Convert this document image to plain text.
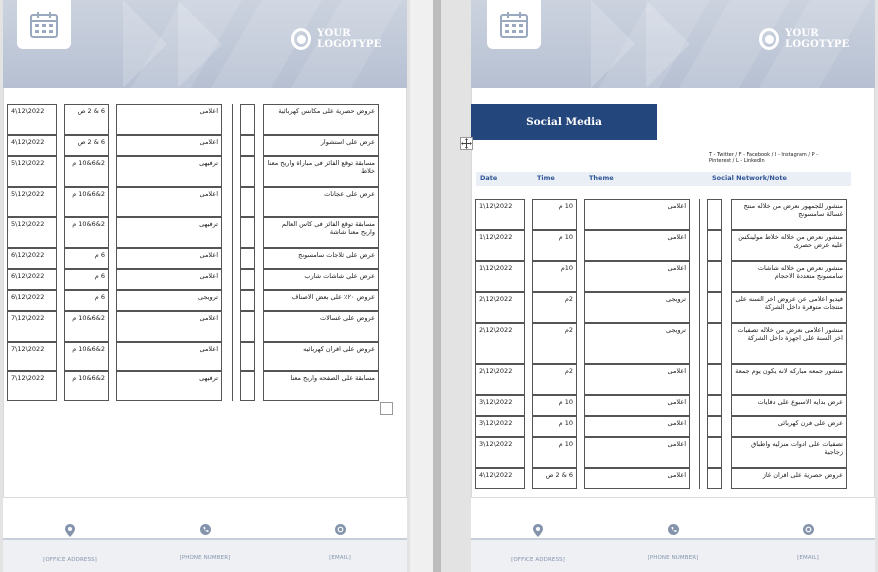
YOUR LOGOTYPE
4\12\2022	6 & 2 ص	اعلامى	عروض حصرية على مكانس كهربائية
4\12\2022	6 & 2 ص	اعلامى	عرض على استشوار
5\12\2022	2&6&10 م	ترفيهى	مسابقة توقع الفائز فى مباراة واربح معنا خلاط
5\12\2022	2&6&10 م	اعلامى	عرض على عجانات
5\12\2022	2&6&10 م	ترفيهى	مسابقة توقع الفائز فى كاس العالم واربح معنا شاشة
6\12\2022	6 م	اعلامى	عرض على ثلاجات سامسونج
6\12\2022	6 م	اعلامى	عرض على شاشات شارب
6\12\2022	6 م	ترويجى	عروض ٢٠٪ على بعض الاصناف
7\12\2022	2&6&10 م	اعلامى	عروض على غسالات
7\12\2022	2&6&10 م	اعلامى	عروض على افران كهربائيه
7\12\2022	2&6&10 م	ترفيهى	مسابقة على الصفحه واربح معنا
[OFFICE ADDRESS]	[PHONE NUMBER]	[EMAIL]
YOUR LOGOTYPE
Social Media
T - Twitter / F - Facebook / I - Instagram / P - Pinterest / L - LinkedIn
Date	Time	Theme	Social Network/Note
1\12\2022	10 م	اعلامى	منشور للجمهور نعرض من خلاله منتج غسالة سامسونج
1\12\2022	10 م	اعلامى	منشور نعرض من خلاله خلاط مولينكس عليه عرض حصرى
1\12\2022	10م	اعلامى	منشور نعرض من خلاله شاشات سامسونج متعددة الاحجام
2\12\2022	2م	ترويجى	فيديو اعلامى عن عروض اخر السنه على منتجات متوفرة داخل الشركة
2\12\2022	2م	ترويجى	منشور اعلامى نعرض من خلاله تصفيات اخر السنة على اجهزة داخل الشركة
2\12\2022	2م	اعلامى	منشور جمعه مباركه لانه يكون يوم جمعة
3\12\2022	10 م	اعلامى	عرض بدايه الاسبوع على دفايات
3\12\2022	10 م	اعلامى	عرض على فرن كهربائى
3\12\2022	10 م	اعلامى	تصفيات على ادوات منزليه واطباق زجاجية
4\12\2022	6 & 2 ص	اعلامى	عروض حصرية على افران غاز
[OFFICE ADDRESS]	[PHONE NUMBER]	[EMAIL]
